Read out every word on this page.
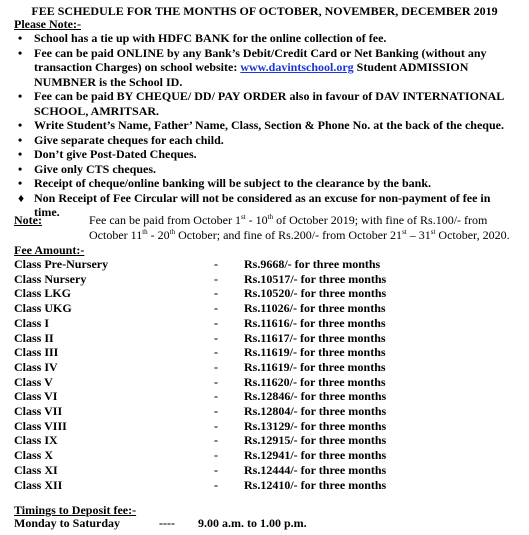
FEE SCHEDULE FOR THE MONTHS OF OCTOBER, NOVEMBER, DECEMBER 2019
Please Note:-
• School has a tie up with HDFC BANK for the online collection of fee.
• Fee can be paid ONLINE by any Bank’s Debit/Credit Card or Net Banking (without any transaction Charges) on school website: www.davintschool.org Student ADMISSION NUMBNER is the School ID.
• Fee can be paid BY CHEQUE/ DD/ PAY ORDER also in favour of DAV INTERNATIONAL SCHOOL, AMRITSAR.
• Write Student’s Name, Father’ Name, Class, Section & Phone No. at the back of the cheque.
• Give separate cheques for each child.
• Don’t give Post-Dated Cheques.
• Give only CTS cheques.
• Receipt of cheque/online banking will be subject to the clearance by the bank.
♦ Non Receipt of Fee Circular will not be considered as an excuse for non-payment of fee in time.
Note:	Fee can be paid from October 1st - 10th of October 2019; with fine of Rs.100/- from
October 11th - 20th October; and fine of Rs.200/- from October 21st – 31st October, 2020.
Fee Amount:-
Class Pre-Nursery	-	Rs.9668/- for three months
Class Nursery	-	Rs.10517/- for three months
Class LKG	-	Rs.10520/- for three months
Class UKG	-	Rs.11026/- for three months
Class I	-	Rs.11616/- for three months
Class II	-	Rs.11617/- for three months
Class III	-	Rs.11619/- for three months
Class IV	-	Rs.11619/- for three months
Class V	-	Rs.11620/- for three months
Class VI	-	Rs.12846/- for three months
Class VII	-	Rs.12804/- for three months
Class VIII	-	Rs.13129/- for three months
Class IX	-	Rs.12915/- for three months
Class X	-	Rs.12941/- for three months
Class XI	-	Rs.12444/- for three months
Class XII	-	Rs.12410/- for three months
Timings to Deposit fee:-
Monday to Saturday	---- 9.00 a.m. to 1.00 p.m.
